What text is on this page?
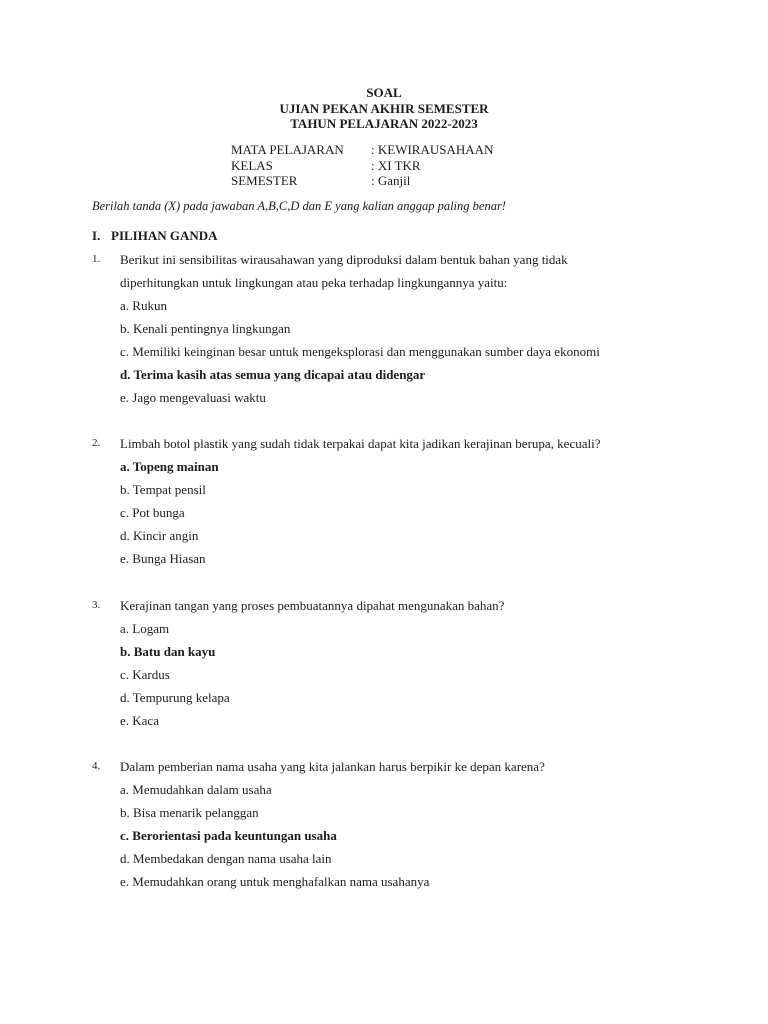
SOAL
UJIAN PEKAN AKHIR SEMESTER
TAHUN PELAJARAN 2022-2023
MATA PELAJARAN	: KEWIRAUSAHAAN
KELAS	: XI TKR
SEMESTER	: Ganjil
Berilah tanda (X) pada jawaban A,B,C,D dan E yang kalian anggap paling benar!
I. PILIHAN GANDA
1. Berikut ini sensibilitas wirausahawan yang diproduksi dalam bentuk bahan yang tidak
diperhitungkan untuk lingkungan atau peka terhadap lingkungannya yaitu:
a. Rukun
b. Kenali pentingnya lingkungan
c. Memiliki keinginan besar untuk mengeksplorasi dan menggunakan sumber daya ekonomi
d. Terima kasih atas semua yang dicapai atau didengar
e. Jago mengevaluasi waktu
2. Limbah botol plastik yang sudah tidak terpakai dapat kita jadikan kerajinan berupa, kecuali?
a. Topeng mainan
b. Tempat pensil
c. Pot bunga
d. Kincir angin
e. Bunga Hiasan
3. Kerajinan tangan yang proses pembuatannya dipahat mengunakan bahan?
a. Logam
b. Batu dan kayu
c. Kardus
d. Tempurung kelapa
e. Kaca
4. Dalam pemberian nama usaha yang kita jalankan harus berpikir ke depan karena?
a. Memudahkan dalam usaha
b. Bisa menarik pelanggan
c. Berorientasi pada keuntungan usaha
d. Membedakan dengan nama usaha lain
e. Memudahkan orang untuk menghafalkan nama usahanya
